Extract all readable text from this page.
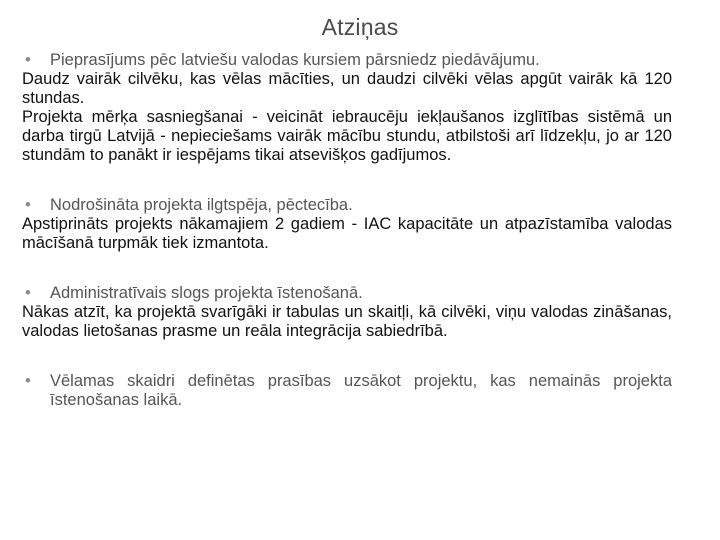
Atziņas
•	Pieprasījums pēc latviešu valodas kursiem pārsniedz piedāvājumu.

Daudz vairāk cilvēku, kas vēlas mācīties, un daudzi cilvēki vēlas apgūt vairāk kā 120 stundas.

Projekta mērķa sasniegšanai - veicināt iebraucēju iekļaušanos izglītības sistēmā un darba tirgū Latvijā - nepieciešams vairāk mācību stundu, atbilstoši arī līdzekļu, jo ar 120 stundām to panākt ir iespējams tikai atsevišķos gadījumos.

•	Nodrošināta projekta ilgtspēja, pēctecība.

Apstiprināts projekts nākamajiem 2 gadiem - IAC kapacitāte un atpazīstamība valodas mācīšanā turpmāk tiek izmantota.

•	Administratīvais slogs projekta īstenošanā.

Nākas atzīt, ka projektā svarīgāki ir tabulas un skaitļi, kā cilvēki, viņu valodas zināšanas, valodas lietošanas prasme un reāla integrācija sabiedrībā.

•	Vēlamas skaidri definētas prasības uzsākot projektu, kas nemainās projekta īstenošanas laikā.
